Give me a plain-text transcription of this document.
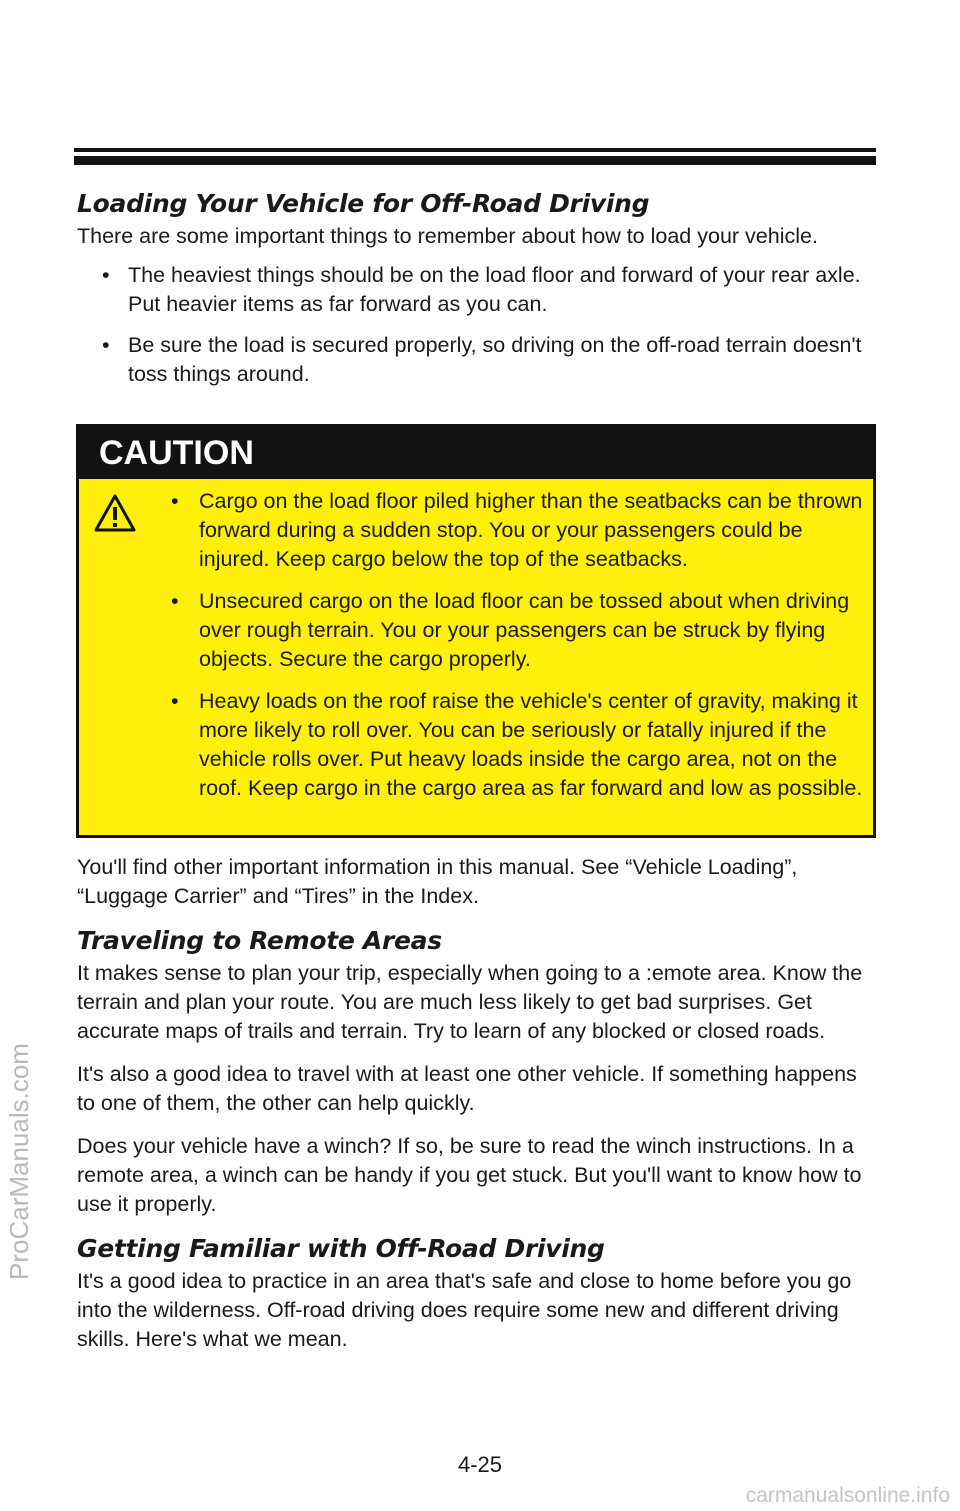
ProCarManuals.com
Loading Your Vehicle for Off-Road Driving

There are some important things to remember about how to load your vehicle.

• The heaviest things should be on the load floor and forward of your rear axle. Put heavier items as far forward as you can.
• Be sure the load is secured properly, so driving on the off-road terrain doesn't toss things around.
CAUTION
• Cargo on the load floor piled higher than the seatbacks can be thrown forward during a sudden stop. You or your passengers could be injured. Keep cargo below the top of the seatbacks.
• Unsecured cargo on the load floor can be tossed about when driving over rough terrain. You or your passengers can be struck by flying objects. Secure the cargo properly.
• Heavy loads on the roof raise the vehicle's center of gravity, making it more likely to roll over. You can be seriously or fatally injured if the vehicle rolls over. Put heavy loads inside the cargo area, not on the roof. Keep cargo in the cargo area as far forward and low as possible.

You'll find other important information in this manual. See “Vehicle Loading”, “Luggage Carrier” and “Tires” in the Index.

Traveling to Remote Areas

It makes sense to plan your trip, especially when going to a :emote area. Know the terrain and plan your route. You are much less likely to get bad surprises. Get accurate maps of trails and terrain. Try to learn of any blocked or closed roads.

It's also a good idea to travel with at least one other vehicle. If something happens to one of them, the other can help quickly.

Does your vehicle have a winch? If so, be sure to read the winch instructions. In a remote area, a winch can be handy if you get stuck. But you'll want to know how to use it properly.

Getting Familiar with Off-Road Driving

It's a good idea to practice in an area that's safe and close to home before you go into the wilderness. Off-road driving does require some new and different driving skills. Here's what we mean.

4-25
carmanualsonline.info
